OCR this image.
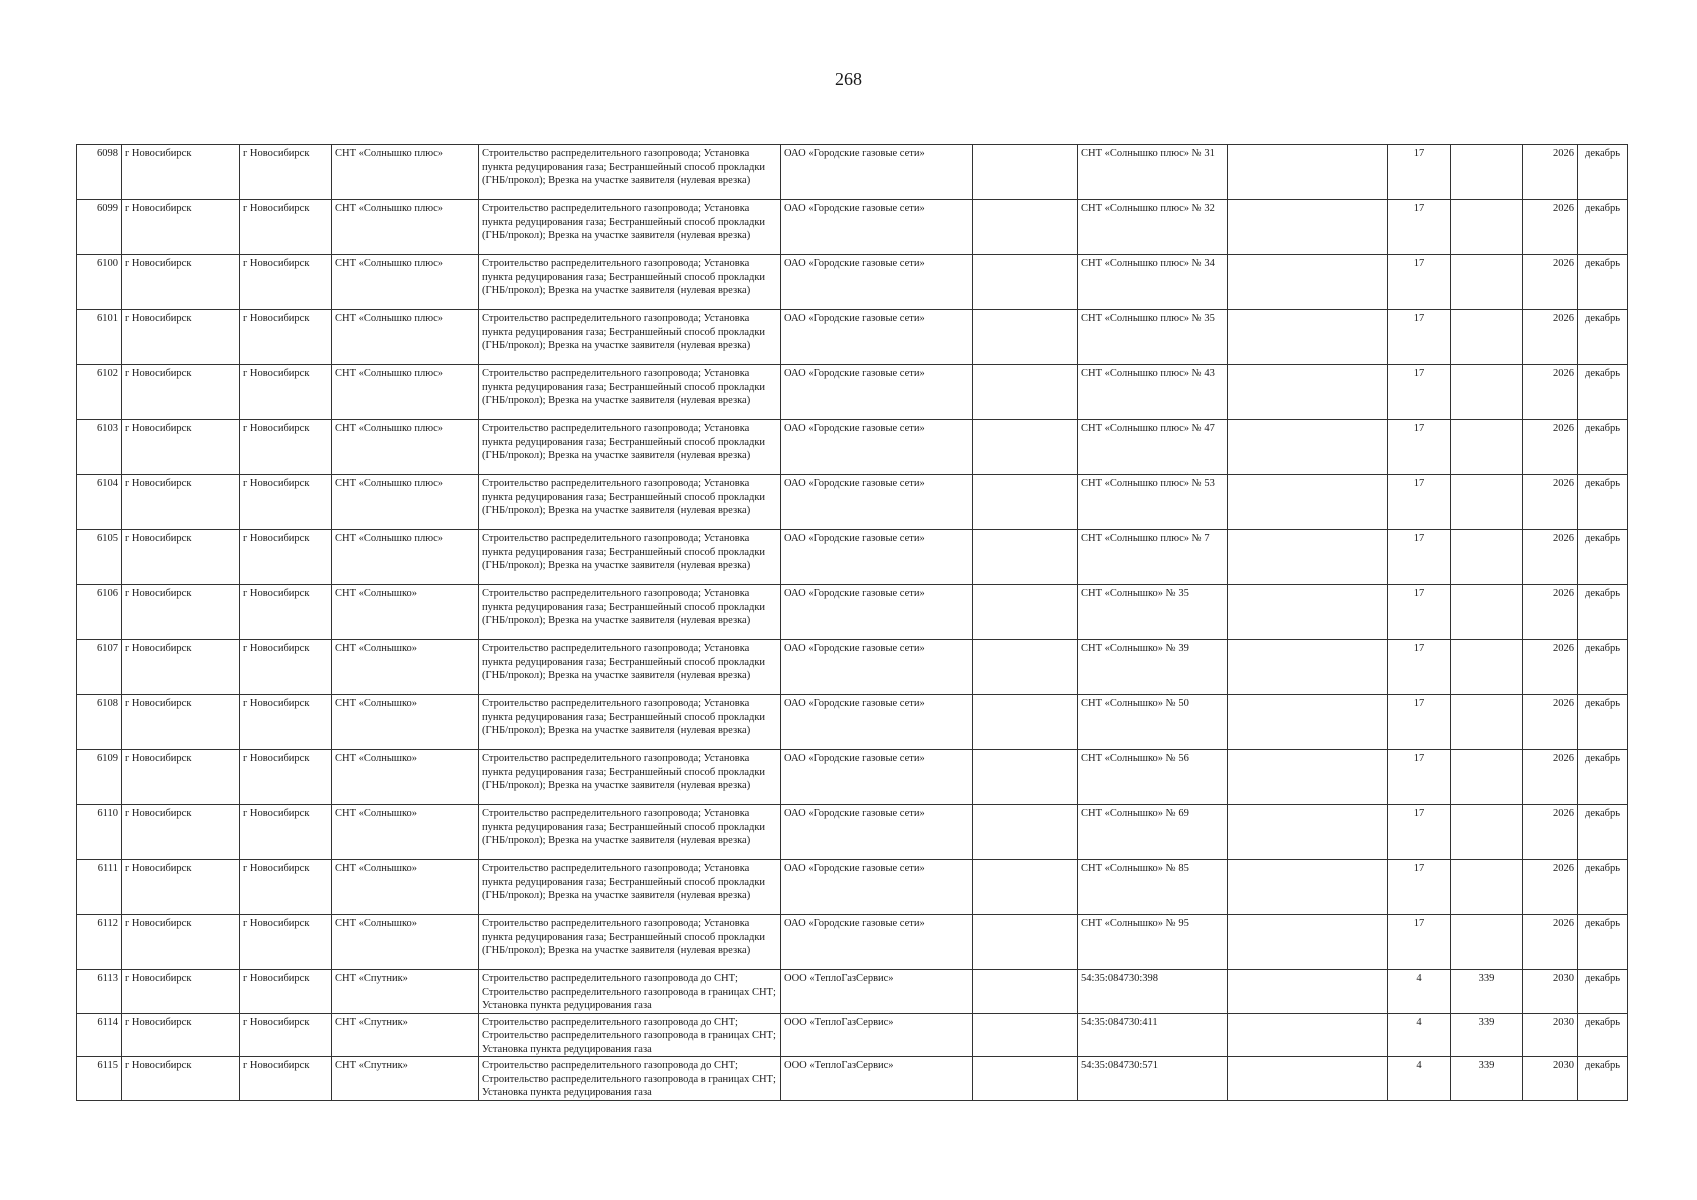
268
6098	г Новосибирск	г Новосибирск	СНТ «Солнышко плюс»	Строительство распределительного газопровода; Установка пункта редуцирования газа; Бестраншейный способ прокладки (ГНБ/прокол); Врезка на участке заявителя (нулевая врезка)	ОАО «Городские газовые сети»		СНТ «Солнышко плюс» № 31		17		2026	декабрь
6099	г Новосибирск	г Новосибирск	СНТ «Солнышко плюс»	Строительство распределительного газопровода; Установка пункта редуцирования газа; Бестраншейный способ прокладки (ГНБ/прокол); Врезка на участке заявителя (нулевая врезка)	ОАО «Городские газовые сети»		СНТ «Солнышко плюс» № 32		17		2026	декабрь
6100	г Новосибирск	г Новосибирск	СНТ «Солнышко плюс»	Строительство распределительного газопровода; Установка пункта редуцирования газа; Бестраншейный способ прокладки (ГНБ/прокол); Врезка на участке заявителя (нулевая врезка)	ОАО «Городские газовые сети»		СНТ «Солнышко плюс» № 34		17		2026	декабрь
6101	г Новосибирск	г Новосибирск	СНТ «Солнышко плюс»	Строительство распределительного газопровода; Установка пункта редуцирования газа; Бестраншейный способ прокладки (ГНБ/прокол); Врезка на участке заявителя (нулевая врезка)	ОАО «Городские газовые сети»		СНТ «Солнышко плюс» № 35		17		2026	декабрь
6102	г Новосибирск	г Новосибирск	СНТ «Солнышко плюс»	Строительство распределительного газопровода; Установка пункта редуцирования газа; Бестраншейный способ прокладки (ГНБ/прокол); Врезка на участке заявителя (нулевая врезка)	ОАО «Городские газовые сети»		СНТ «Солнышко плюс» № 43		17		2026	декабрь
6103	г Новосибирск	г Новосибирск	СНТ «Солнышко плюс»	Строительство распределительного газопровода; Установка пункта редуцирования газа; Бестраншейный способ прокладки (ГНБ/прокол); Врезка на участке заявителя (нулевая врезка)	ОАО «Городские газовые сети»		СНТ «Солнышко плюс» № 47		17		2026	декабрь
6104	г Новосибирск	г Новосибирск	СНТ «Солнышко плюс»	Строительство распределительного газопровода; Установка пункта редуцирования газа; Бестраншейный способ прокладки (ГНБ/прокол); Врезка на участке заявителя (нулевая врезка)	ОАО «Городские газовые сети»		СНТ «Солнышко плюс» № 53		17		2026	декабрь
6105	г Новосибирск	г Новосибирск	СНТ «Солнышко плюс»	Строительство распределительного газопровода; Установка пункта редуцирования газа; Бестраншейный способ прокладки (ГНБ/прокол); Врезка на участке заявителя (нулевая врезка)	ОАО «Городские газовые сети»		СНТ «Солнышко плюс» № 7		17		2026	декабрь
6106	г Новосибирск	г Новосибирск	СНТ «Солнышко»	Строительство распределительного газопровода; Установка пункта редуцирования газа; Бестраншейный способ прокладки (ГНБ/прокол); Врезка на участке заявителя (нулевая врезка)	ОАО «Городские газовые сети»		СНТ «Солнышко» № 35		17		2026	декабрь
6107	г Новосибирск	г Новосибирск	СНТ «Солнышко»	Строительство распределительного газопровода; Установка пункта редуцирования газа; Бестраншейный способ прокладки (ГНБ/прокол); Врезка на участке заявителя (нулевая врезка)	ОАО «Городские газовые сети»		СНТ «Солнышко» № 39		17		2026	декабрь
6108	г Новосибирск	г Новосибирск	СНТ «Солнышко»	Строительство распределительного газопровода; Установка пункта редуцирования газа; Бестраншейный способ прокладки (ГНБ/прокол); Врезка на участке заявителя (нулевая врезка)	ОАО «Городские газовые сети»		СНТ «Солнышко» № 50		17		2026	декабрь
6109	г Новосибирск	г Новосибирск	СНТ «Солнышко»	Строительство распределительного газопровода; Установка пункта редуцирования газа; Бестраншейный способ прокладки (ГНБ/прокол); Врезка на участке заявителя (нулевая врезка)	ОАО «Городские газовые сети»		СНТ «Солнышко» № 56		17		2026	декабрь
6110	г Новосибирск	г Новосибирск	СНТ «Солнышко»	Строительство распределительного газопровода; Установка пункта редуцирования газа; Бестраншейный способ прокладки (ГНБ/прокол); Врезка на участке заявителя (нулевая врезка)	ОАО «Городские газовые сети»		СНТ «Солнышко» № 69		17		2026	декабрь
6111	г Новосибирск	г Новосибирск	СНТ «Солнышко»	Строительство распределительного газопровода; Установка пункта редуцирования газа; Бестраншейный способ прокладки (ГНБ/прокол); Врезка на участке заявителя (нулевая врезка)	ОАО «Городские газовые сети»		СНТ «Солнышко» № 85		17		2026	декабрь
6112	г Новосибирск	г Новосибирск	СНТ «Солнышко»	Строительство распределительного газопровода; Установка пункта редуцирования газа; Бестраншейный способ прокладки (ГНБ/прокол); Врезка на участке заявителя (нулевая врезка)	ОАО «Городские газовые сети»		СНТ «Солнышко» № 95		17		2026	декабрь
6113	г Новосибирск	г Новосибирск	СНТ «Спутник»	Строительство распределительного газопровода до СНТ; Строительство распределительного газопровода в границах СНТ; Установка пункта редуцирования газа	ООО «ТеплоГазСервис»		54:35:084730:398		4	339	2030	декабрь
6114	г Новосибирск	г Новосибирск	СНТ «Спутник»	Строительство распределительного газопровода до СНТ; Строительство распределительного газопровода в границах СНТ; Установка пункта редуцирования газа	ООО «ТеплоГазСервис»		54:35:084730:411		4	339	2030	декабрь
6115	г Новосибирск	г Новосибирск	СНТ «Спутник»	Строительство распределительного газопровода до СНТ; Строительство распределительного газопровода в границах СНТ; Установка пункта редуцирования газа	ООО «ТеплоГазСервис»		54:35:084730:571		4	339	2030	декабрь
